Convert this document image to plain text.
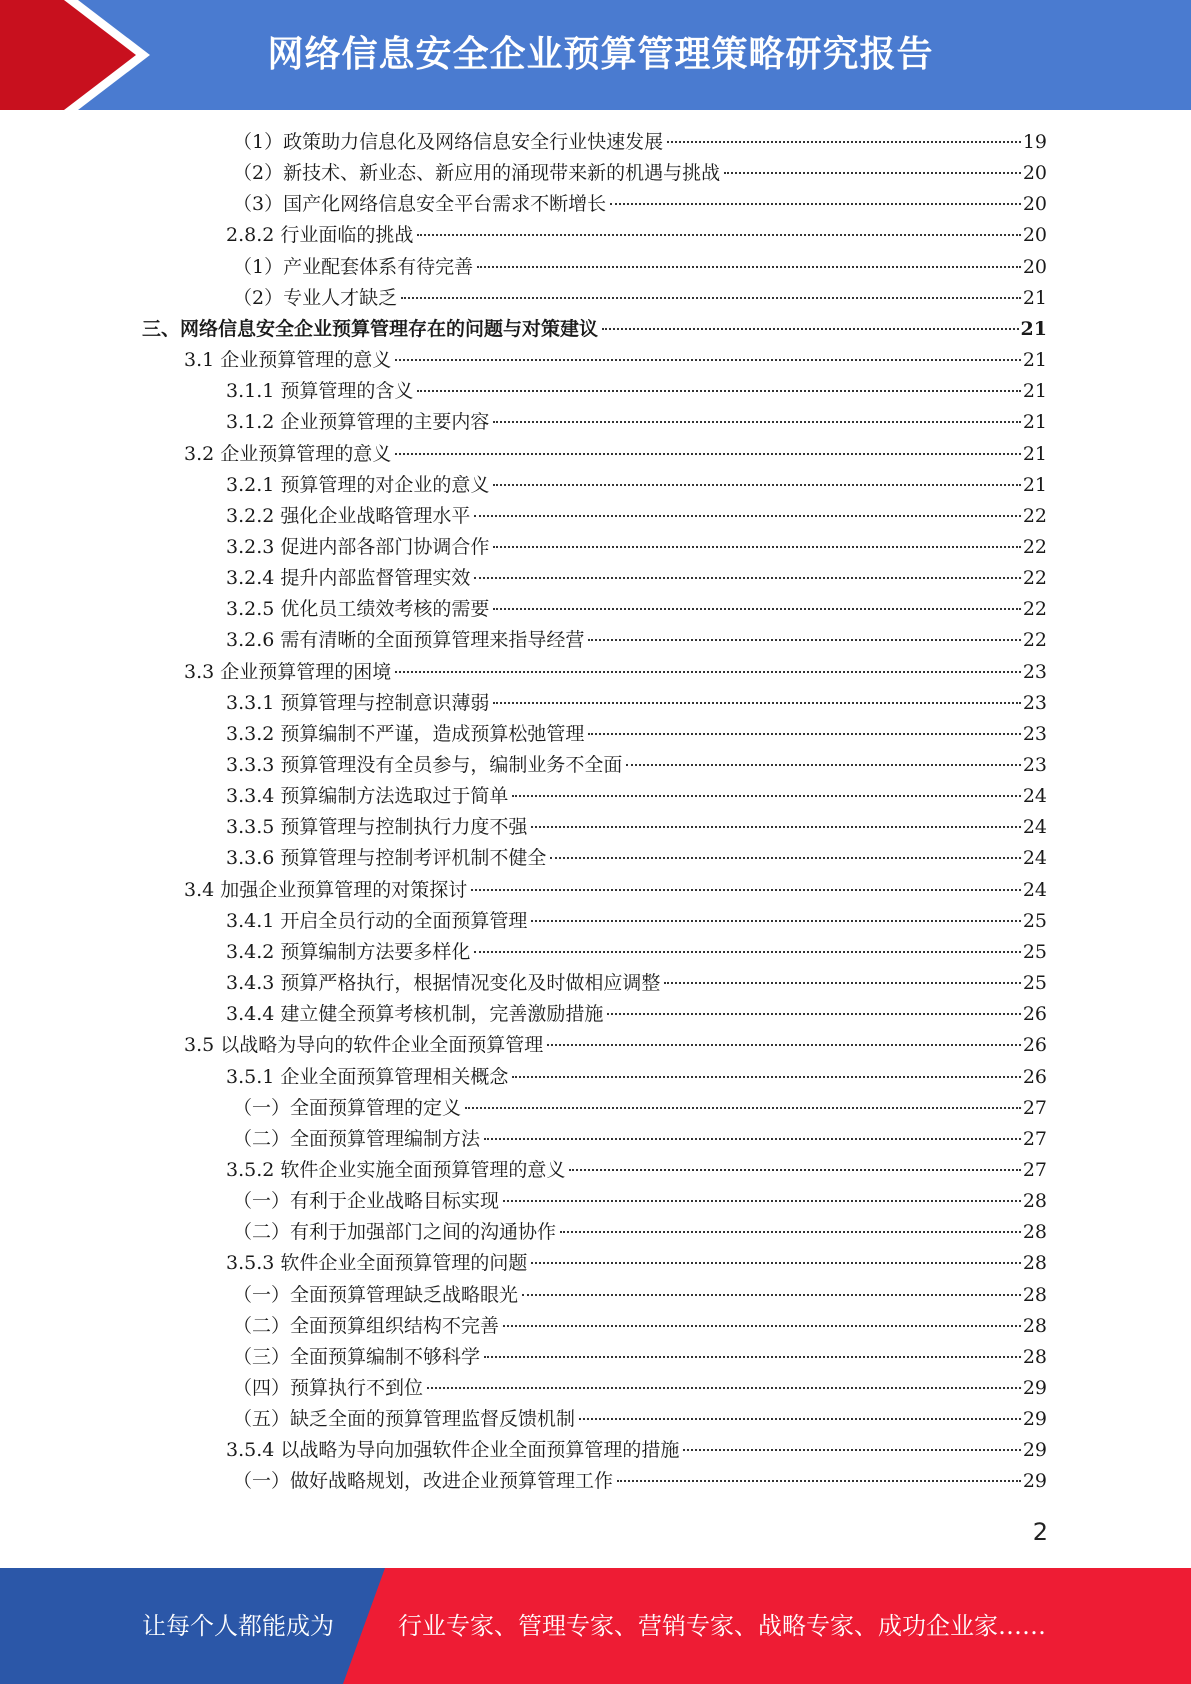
网络信息安全企业预算管理策略研究报告
（1）政策助力信息化及网络信息安全行业快速发展	19
（2）新技术、新业态、新应用的涌现带来新的机遇与挑战	20
（3）国产化网络信息安全平台需求不断增长	20
2.8.2 行业面临的挑战	20
（1）产业配套体系有待完善	20
（2）专业人才缺乏	21
三、网络信息安全企业预算管理存在的问题与对策建议	21
3.1 企业预算管理的意义	21
3.1.1 预算管理的含义	21
3.1.2 企业预算管理的主要内容	21
3.2 企业预算管理的意义	21
3.2.1 预算管理的对企业的意义	21
3.2.2 强化企业战略管理水平	22
3.2.3 促进内部各部门协调合作	22
3.2.4 提升内部监督管理实效	22
3.2.5 优化员工绩效考核的需要	22
3.2.6 需有清晰的全面预算管理来指导经营	22
3.3 企业预算管理的困境	23
3.3.1 预算管理与控制意识薄弱	23
3.3.2 预算编制不严谨，造成预算松弛管理	23
3.3.3 预算管理没有全员参与，编制业务不全面	23
3.3.4 预算编制方法选取过于简单	24
3.3.5 预算管理与控制执行力度不强	24
3.3.6 预算管理与控制考评机制不健全	24
3.4 加强企业预算管理的对策探讨	24
3.4.1 开启全员行动的全面预算管理	25
3.4.2 预算编制方法要多样化	25
3.4.3 预算严格执行，根据情况变化及时做相应调整	25
3.4.4 建立健全预算考核机制，完善激励措施	26
3.5 以战略为导向的软件企业全面预算管理	26
3.5.1 企业全面预算管理相关概念	26
（一）全面预算管理的定义	27
（二）全面预算管理编制方法	27
3.5.2 软件企业实施全面预算管理的意义	27
（一）有利于企业战略目标实现	28
（二）有利于加强部门之间的沟通协作	28
3.5.3 软件企业全面预算管理的问题	28
（一）全面预算管理缺乏战略眼光	28
（二）全面预算组织结构不完善	28
（三）全面预算编制不够科学	28
（四）预算执行不到位	29
（五）缺乏全面的预算管理监督反馈机制	29
3.5.4 以战略为导向加强软件企业全面预算管理的措施	29
（一）做好战略规划，改进企业预算管理工作	29
2
让每个人都能成为	行业专家、管理专家、营销专家、战略专家、成功企业家……
